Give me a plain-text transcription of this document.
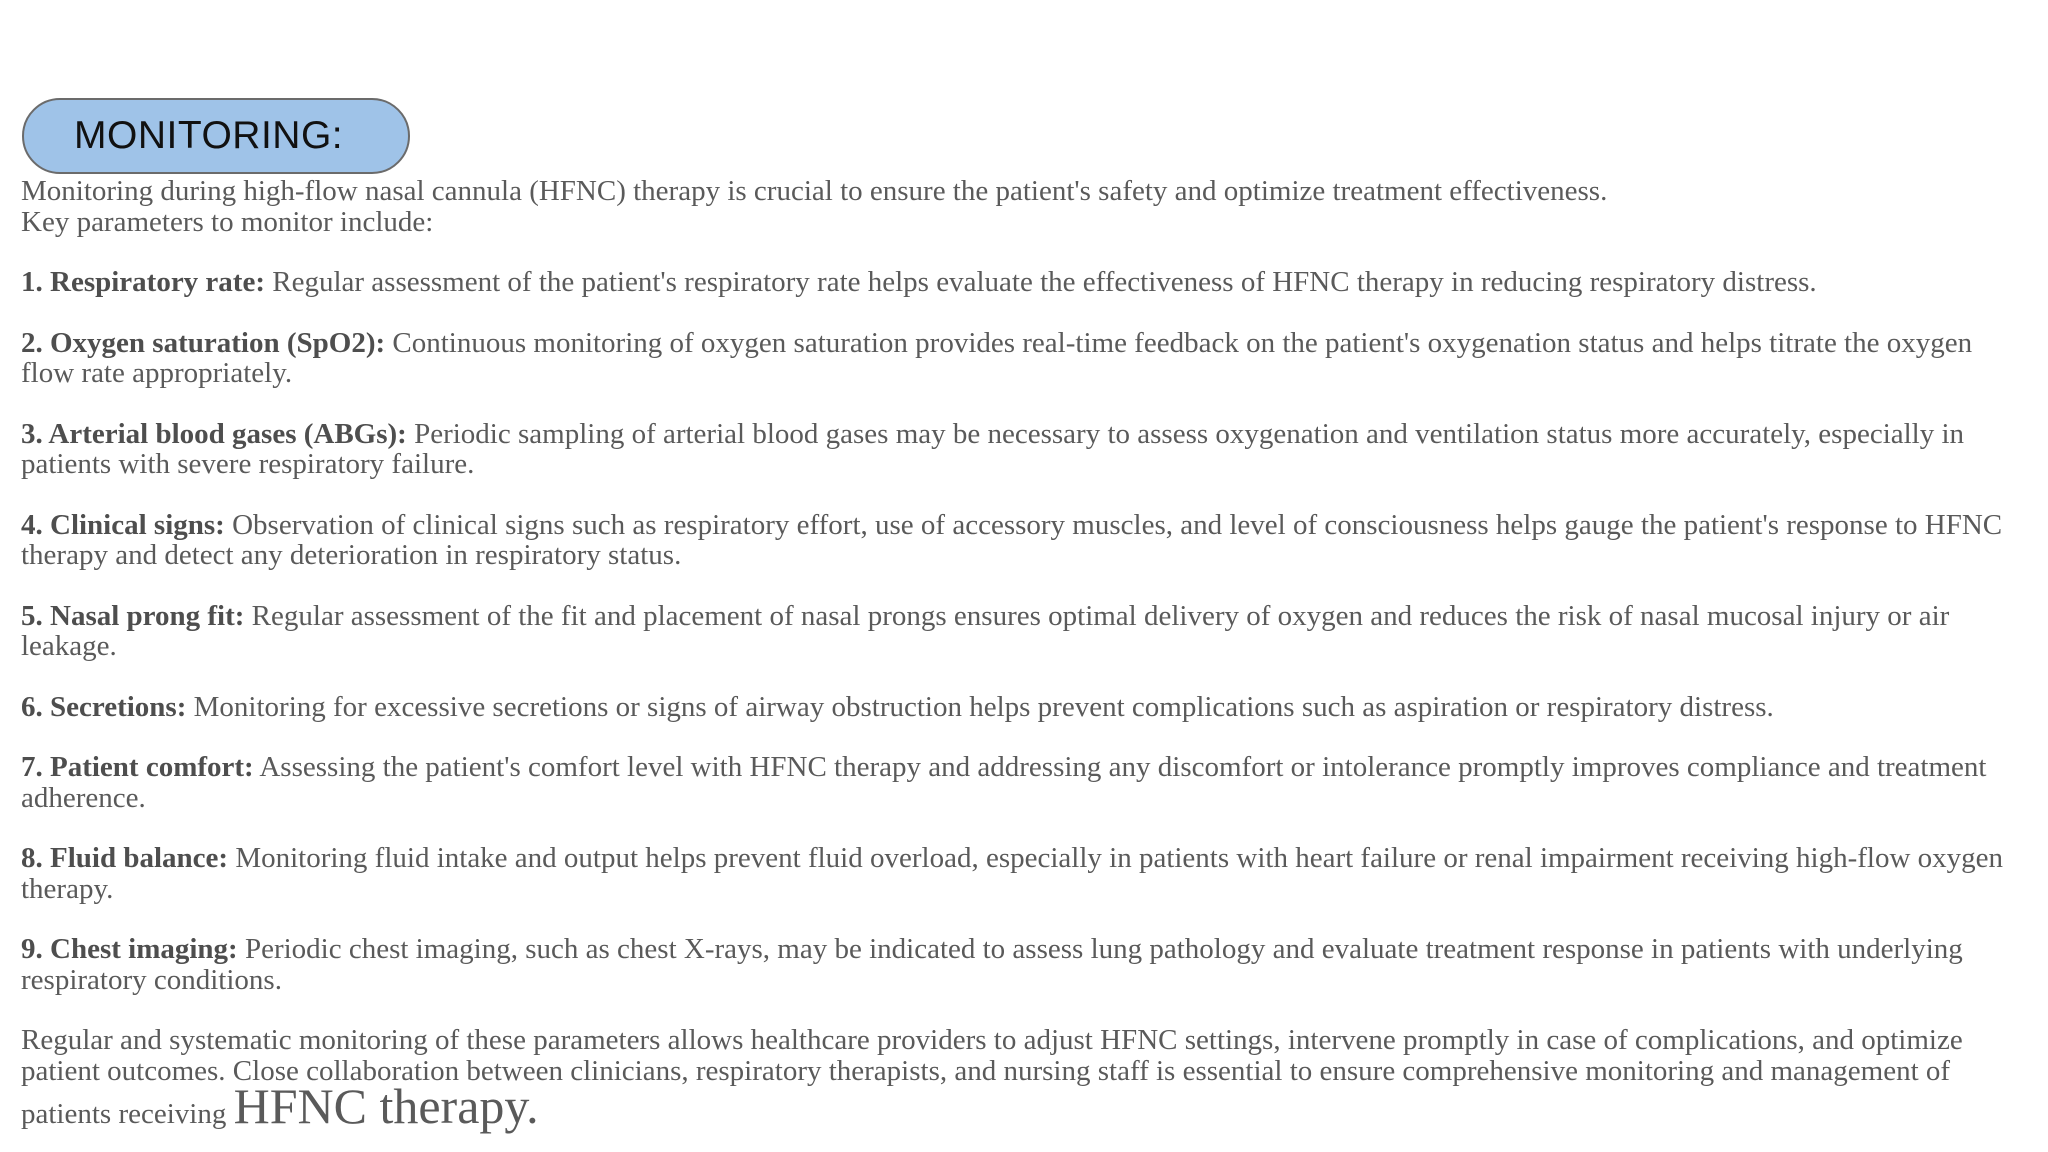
MONITORING:

Monitoring during high-flow nasal cannula (HFNC) therapy is crucial to ensure the patient's safety and optimize treatment effectiveness.
Key parameters to monitor include:

1. Respiratory rate: Regular assessment of the patient's respiratory rate helps evaluate the effectiveness of HFNC therapy in reducing respiratory distress.

2. Oxygen saturation (SpO2): Continuous monitoring of oxygen saturation provides real-time feedback on the patient's oxygenation status and helps titrate the oxygen flow rate appropriately.

3. Arterial blood gases (ABGs): Periodic sampling of arterial blood gases may be necessary to assess oxygenation and ventilation status more accurately, especially in patients with severe respiratory failure.

4. Clinical signs: Observation of clinical signs such as respiratory effort, use of accessory muscles, and level of consciousness helps gauge the patient's response to HFNC therapy and detect any deterioration in respiratory status.

5. Nasal prong fit: Regular assessment of the fit and placement of nasal prongs ensures optimal delivery of oxygen and reduces the risk of nasal mucosal injury or air leakage.

6. Secretions: Monitoring for excessive secretions or signs of airway obstruction helps prevent complications such as aspiration or respiratory distress.

7. Patient comfort: Assessing the patient's comfort level with HFNC therapy and addressing any discomfort or intolerance promptly improves compliance and treatment adherence.

8. Fluid balance: Monitoring fluid intake and output helps prevent fluid overload, especially in patients with heart failure or renal impairment receiving high-flow oxygen therapy.

9. Chest imaging: Periodic chest imaging, such as chest X-rays, may be indicated to assess lung pathology and evaluate treatment response in patients with underlying respiratory conditions.

Regular and systematic monitoring of these parameters allows healthcare providers to adjust HFNC settings, intervene promptly in case of complications, and optimize patient outcomes. Close collaboration between clinicians, respiratory therapists, and nursing staff is essential to ensure comprehensive monitoring and management of patients receiving HFNC therapy.
